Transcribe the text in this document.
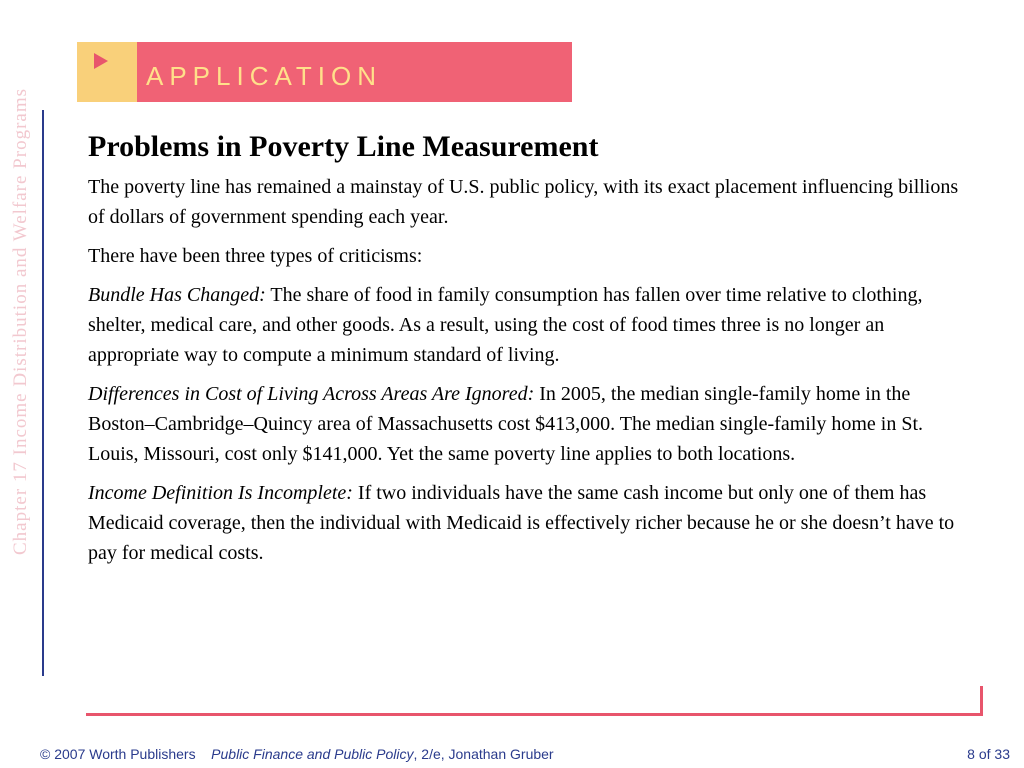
Chapter 17 Income Distribution and Welfare Programs
APPLICATION
Problems in Poverty Line Measurement

The poverty line has remained a mainstay of U.S. public policy, with its exact placement influencing billions of dollars of government spending each year.

There have been three types of criticisms:

Bundle Has Changed: The share of food in family consumption has fallen over time relative to clothing, shelter, medical care, and other goods. As a result, using the cost of food times three is no longer an appropriate way to compute a minimum standard of living.

Differences in Cost of Living Across Areas Are Ignored: In 2005, the median single-family home in the Boston–Cambridge–Quincy area of Massachusetts cost $413,000. The median single-family home in St. Louis, Missouri, cost only $141,000. Yet the same poverty line applies to both locations.

Income Definition Is Incomplete: If two individuals have the same cash income but only one of them has Medicaid coverage, then the individual with Medicaid is effectively richer because he or she doesn’t have to pay for medical costs.

© 2007 Worth Publishers Public Finance and Public Policy, 2/e, Jonathan Gruber	8 of 33
